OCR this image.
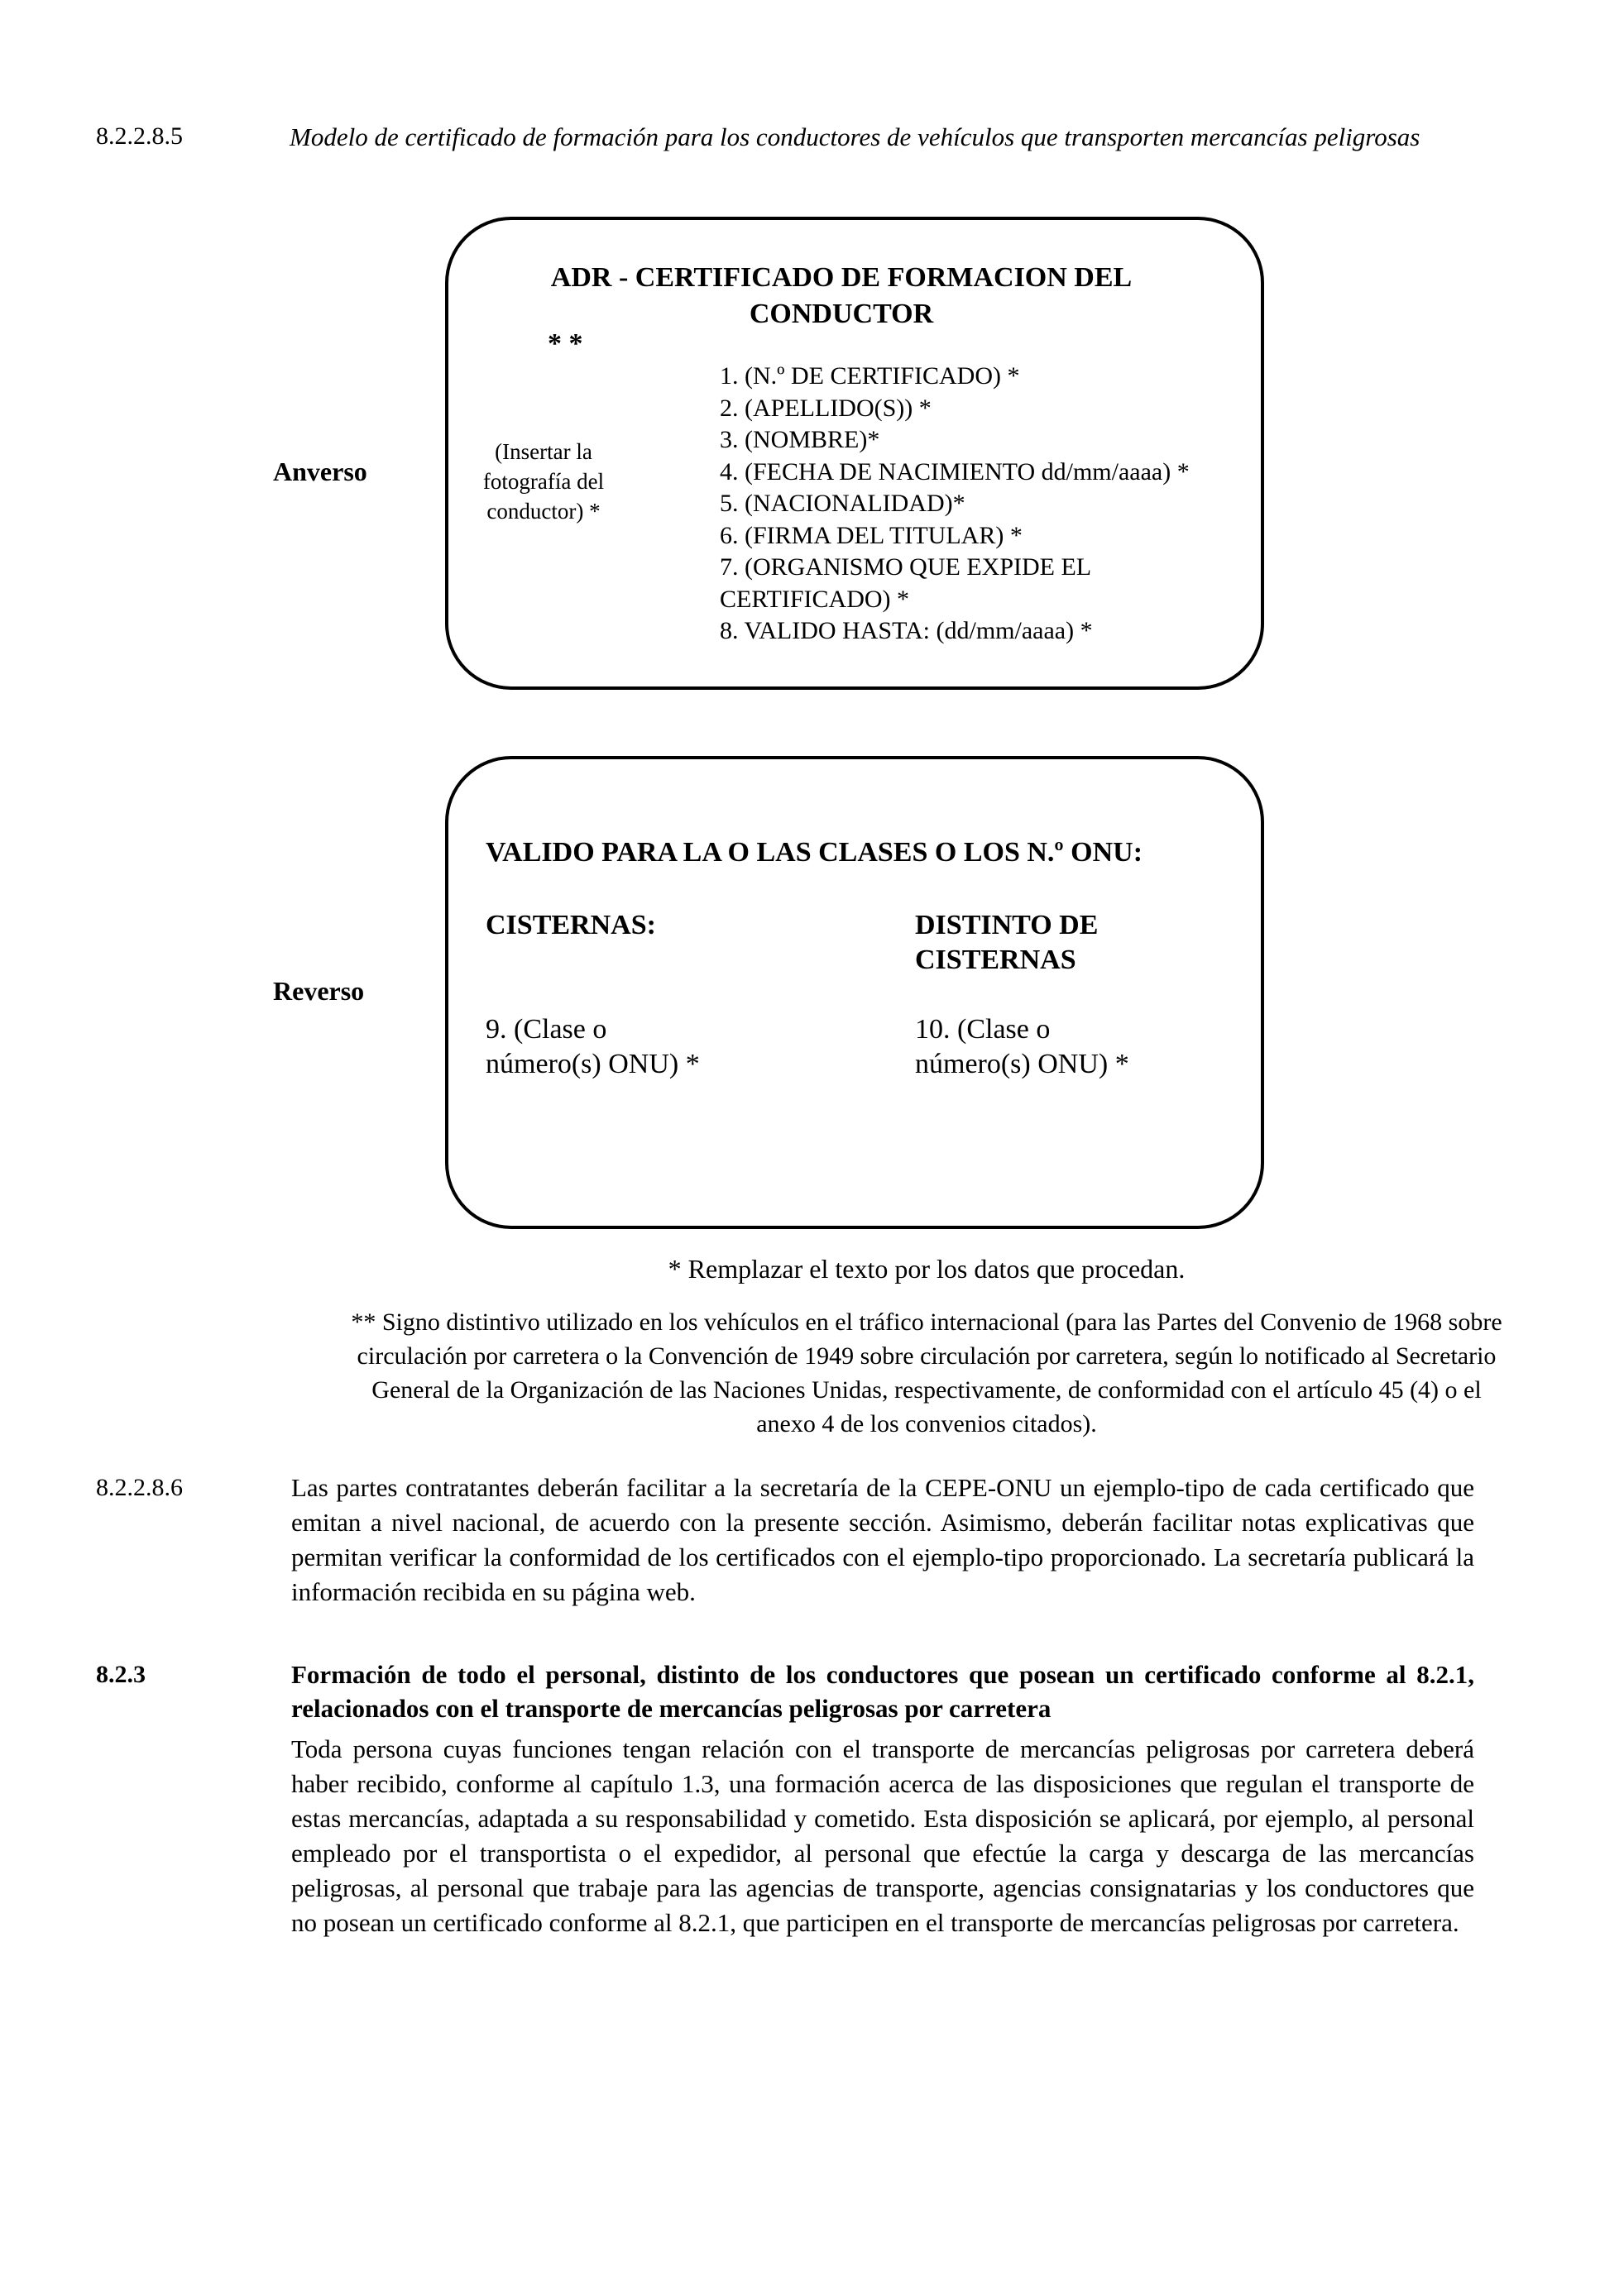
8.2.2.8.5	Modelo de certificado de formación para los conductores de vehículos que transporten mercancías peligrosas
Anverso
ADR - CERTIFICADO DE FORMACION DEL CONDUCTOR
* *
(Insertar la fotografía del conductor) *
1. (N.º DE CERTIFICADO) *
2. (APELLIDO(S)) *
3. (NOMBRE)*
4. (FECHA DE NACIMIENTO dd/mm/aaaa) *
5. (NACIONALIDAD)*
6. (FIRMA DEL TITULAR) *
7. (ORGANISMO QUE EXPIDE EL CERTIFICADO) *
8. VALIDO HASTA: (dd/mm/aaaa) *
Reverso
VALIDO PARA LA O LAS CLASES O LOS N.º ONU:
CISTERNAS:	DISTINTO DE CISTERNAS
9. (Clase o número(s) ONU) *
10. (Clase o número(s) ONU) *
* Remplazar el texto por los datos que procedan.
** Signo distintivo utilizado en los vehículos en el tráfico internacional (para las Partes del Convenio de 1968 sobre circulación por carretera o la Convención de 1949 sobre circulación por carretera, según lo notificado al Secretario General de la Organización de las Naciones Unidas, respectivamente, de conformidad con el artículo 45 (4) o el anexo 4 de los convenios citados).
8.2.2.8.6	Las partes contratantes deberán facilitar a la secretaría de la CEPE-ONU un ejemplo-tipo de cada certificado que emitan a nivel nacional, de acuerdo con la presente sección. Asimismo, deberán facilitar notas explicativas que permitan verificar la conformidad de los certificados con el ejemplo-tipo proporcionado. La secretaría publicará la información recibida en su página web.
8.2.3	Formación de todo el personal, distinto de los conductores que posean un certificado conforme al 8.2.1, relacionados con el transporte de mercancías peligrosas por carretera
Toda persona cuyas funciones tengan relación con el transporte de mercancías peligrosas por carretera deberá haber recibido, conforme al capítulo 1.3, una formación acerca de las disposiciones que regulan el transporte de estas mercancías, adaptada a su responsabilidad y cometido. Esta disposición se aplicará, por ejemplo, al personal empleado por el transportista o el expedidor, al personal que efectúe la carga y descarga de las mercancías peligrosas, al personal que trabaje para las agencias de transporte, agencias consignatarias y los conductores que no posean un certificado conforme al 8.2.1, que participen en el transporte de mercancías peligrosas por carretera.
